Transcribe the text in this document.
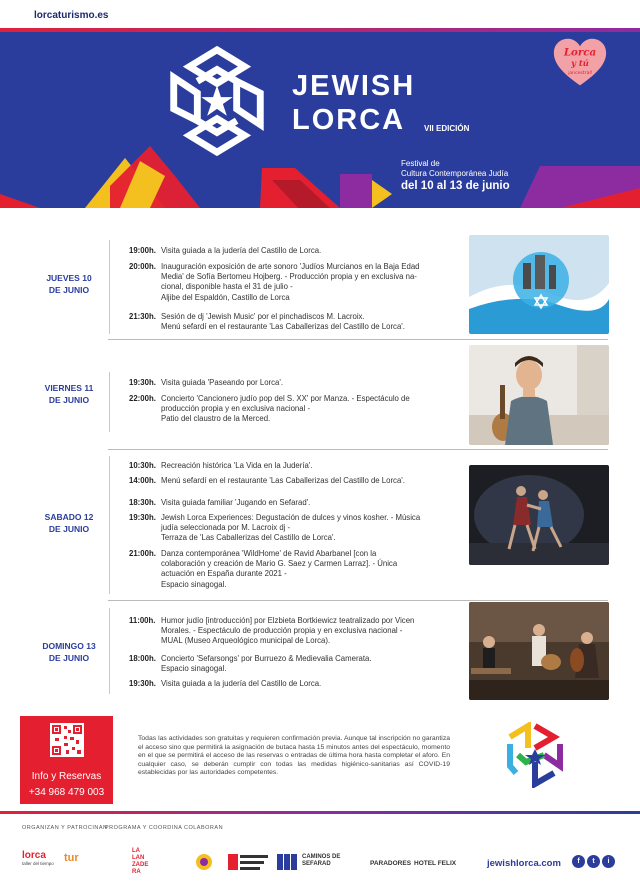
lorcaturismo.es
JEWISH
LORCA VII EDICIÓN
Lorca
y tú
¡ancestral!
Festival de
Cultura Contemporánea Judía
del 10 al 13 de junio
JUEVES 10
DE JUNIO
19:00h. Visita guiada a la judería del Castillo de Lorca.
20:00h. Inauguración exposición de arte sonoro 'Judíos Murcianos en la Baja Edad
Media' de Sofía Bertomeu Hojberg. - Producción propia y en exclusiva na-
cional, disponible hasta el 31 de julio -
Aljibe del Espaldón, Castillo de Lorca
21:30h. Sesión de dj 'Jewish Music' por el pinchadiscos M. Lacroix.
Menú sefardí en el restaurante 'Las Caballerizas del Castillo de Lorca'.
VIERNES 11
DE JUNIO
19:30h. Visita guiada 'Paseando por Lorca'.
22:00h. Concierto 'Cancionero judío pop del S. XX' por Manza. - Espectáculo de
producción propia y en exclusiva nacional -
Patio del claustro de la Merced.
SABADO 12
DE JUNIO
10:30h. Recreación histórica 'La Vida en la Judería'.
14:00h. Menú sefardí en el restaurante 'Las Caballerizas del Castillo de Lorca'.
18:30h. Visita guiada familiar 'Jugando en Sefarad'.
19:30h. Jewish Lorca Experiences: Degustación de dulces y vinos kosher. - Música
judía seleccionada por M. Lacroix dj -
Terraza de 'Las Caballerizas del Castillo de Lorca'.
21:00h. Danza contemporánea 'WildHome' de Ravid Abarbanel [con la
colaboración y creación de Mario G. Saez y Carmen Larraz]. - Única
actuación en España durante 2021 -
Espacio sinagogal.
DOMINGO 13
DE JUNIO
11:00h. Humor judío [introducción] por Elzbieta Bortkiewicz teatralizado por Vicen
Morales. - Espectáculo de producción propia y en exclusiva nacional -
MUAL (Museo Arqueológico municipal de Lorca).
18:00h. Concierto 'Sefarsongs' por Burruezo & Medievalia Camerata.
Espacio sinagogal.
19:30h. Visita guiada a la judería del Castillo de Lorca.
Info y Reservas
+34 968 479 003
Todas las actividades son gratuitas y requieren confirmación previa. Aunque tal inscripción no garantiza el acceso sino que permitirá la asignación de butaca hasta 15 minutos antes del espectáculo, momento en el que se permitirá el acceso de las reservas o entradas de última hora hasta completar el aforo. En cualquier caso, se deberán cumplir con todas las medidas higiénico-sanitarias así COVID-19 establecidas por las autoridades competentes.
ORGANIZAN Y PATROCINAN
PROGRAMA Y COORDINA COLABORAN
lorca
taller del tiempo tur
LA LAN ZADE RA
CAMINOS DE SEFARAD	PARADORES HOTEL FELIX	jewishlorca.com	f	t	i
